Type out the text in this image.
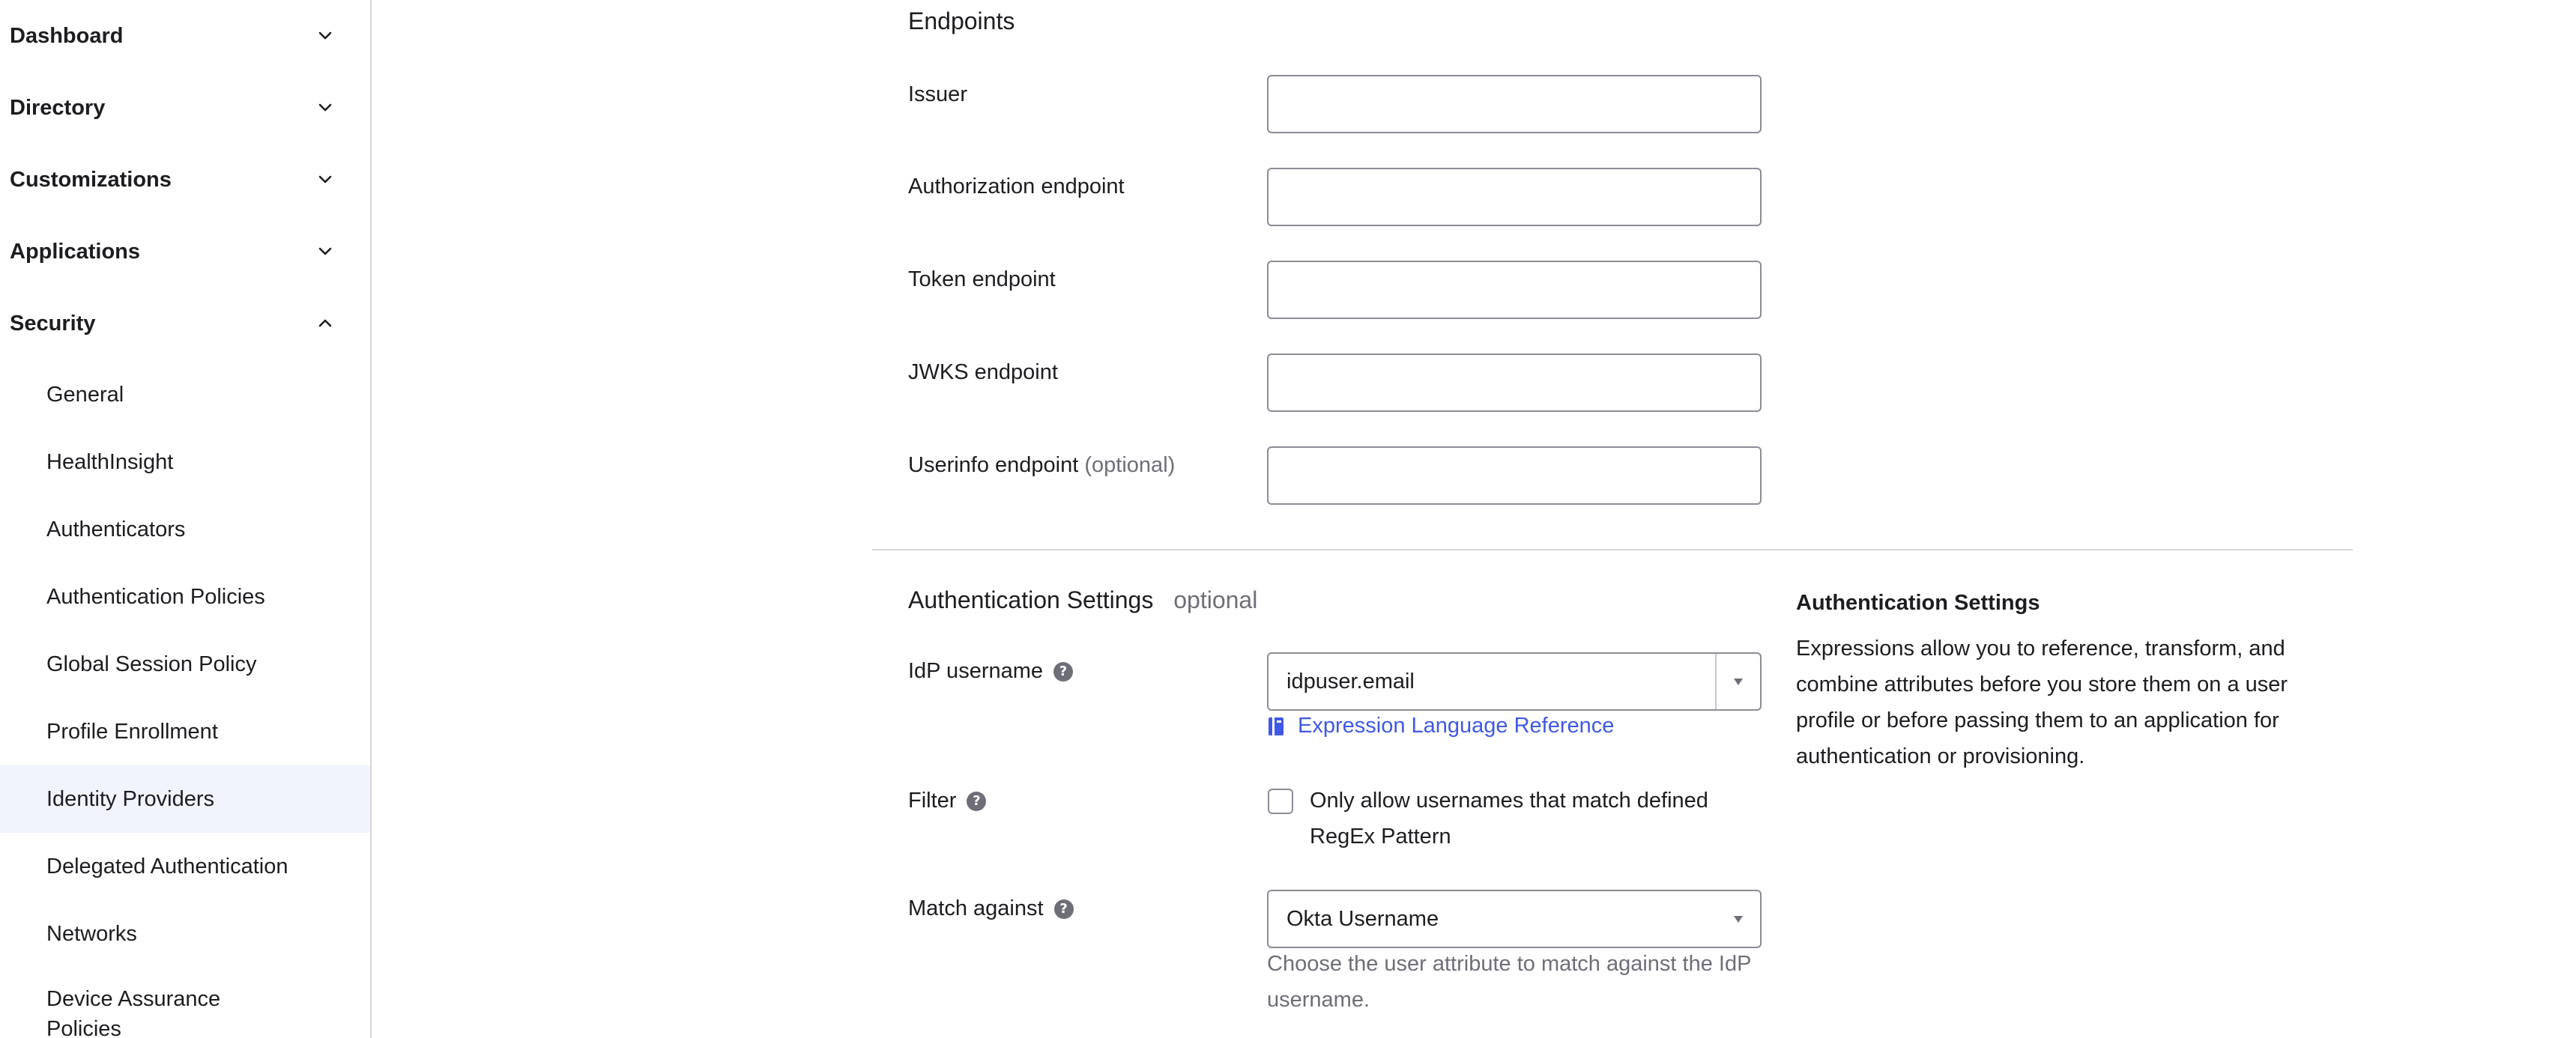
Dashboard
Directory
Customizations
Applications
Security
General
HealthInsight
Authenticators
Authentication Policies
Global Session Policy
Profile Enrollment
Identity Providers
Delegated Authentication
Networks
Device Assurance
Policies
Endpoints
Issuer
Authorization endpoint
Token endpoint
JWKS endpoint
Userinfo endpoint (optional)
Authentication Settings optional
IdP username ?	idpuser.email
Expression Language Reference
Filter ?	Only allow usernames that match defined RegEx Pattern
Match against ?	Okta Username
Choose the user attribute to match against the IdP username.
Authentication Settings
Expressions allow you to reference, transform, and combine attributes before you store them on a user profile or before passing them to an application for authentication or provisioning.
